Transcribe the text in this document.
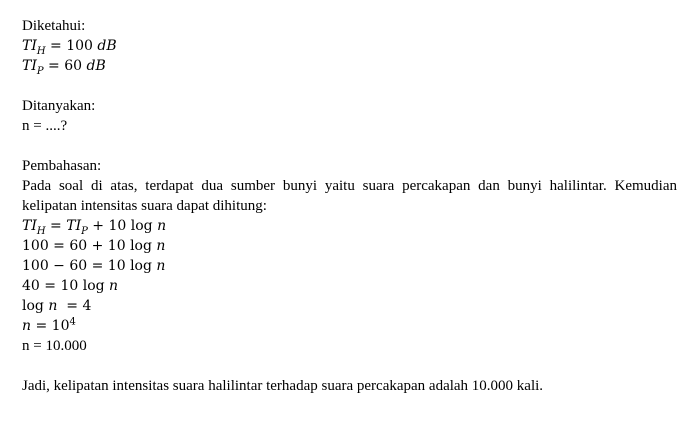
Diketahui:
$TI_H = 100$ dB
$TI_P = 60$ dB
Ditanyakan:
n = ....?
Pembahasan:
Pada soal di atas, terdapat dua sumber bunyi yaitu suara percakapan dan bunyi halilintar. Kemudian kelipatan intensitas suara dapat dihitung:
$TI_H = TI_P + 10$ log n
100 = 60 + 10 log n
100 − 60 = 10 log n
40 = 10 log n
log n  = 4
$n = 10^4$
n = 10.000
Jadi, kelipatan intensitas suara halilintar terhadap suara percakapan adalah 10.000 kali.
